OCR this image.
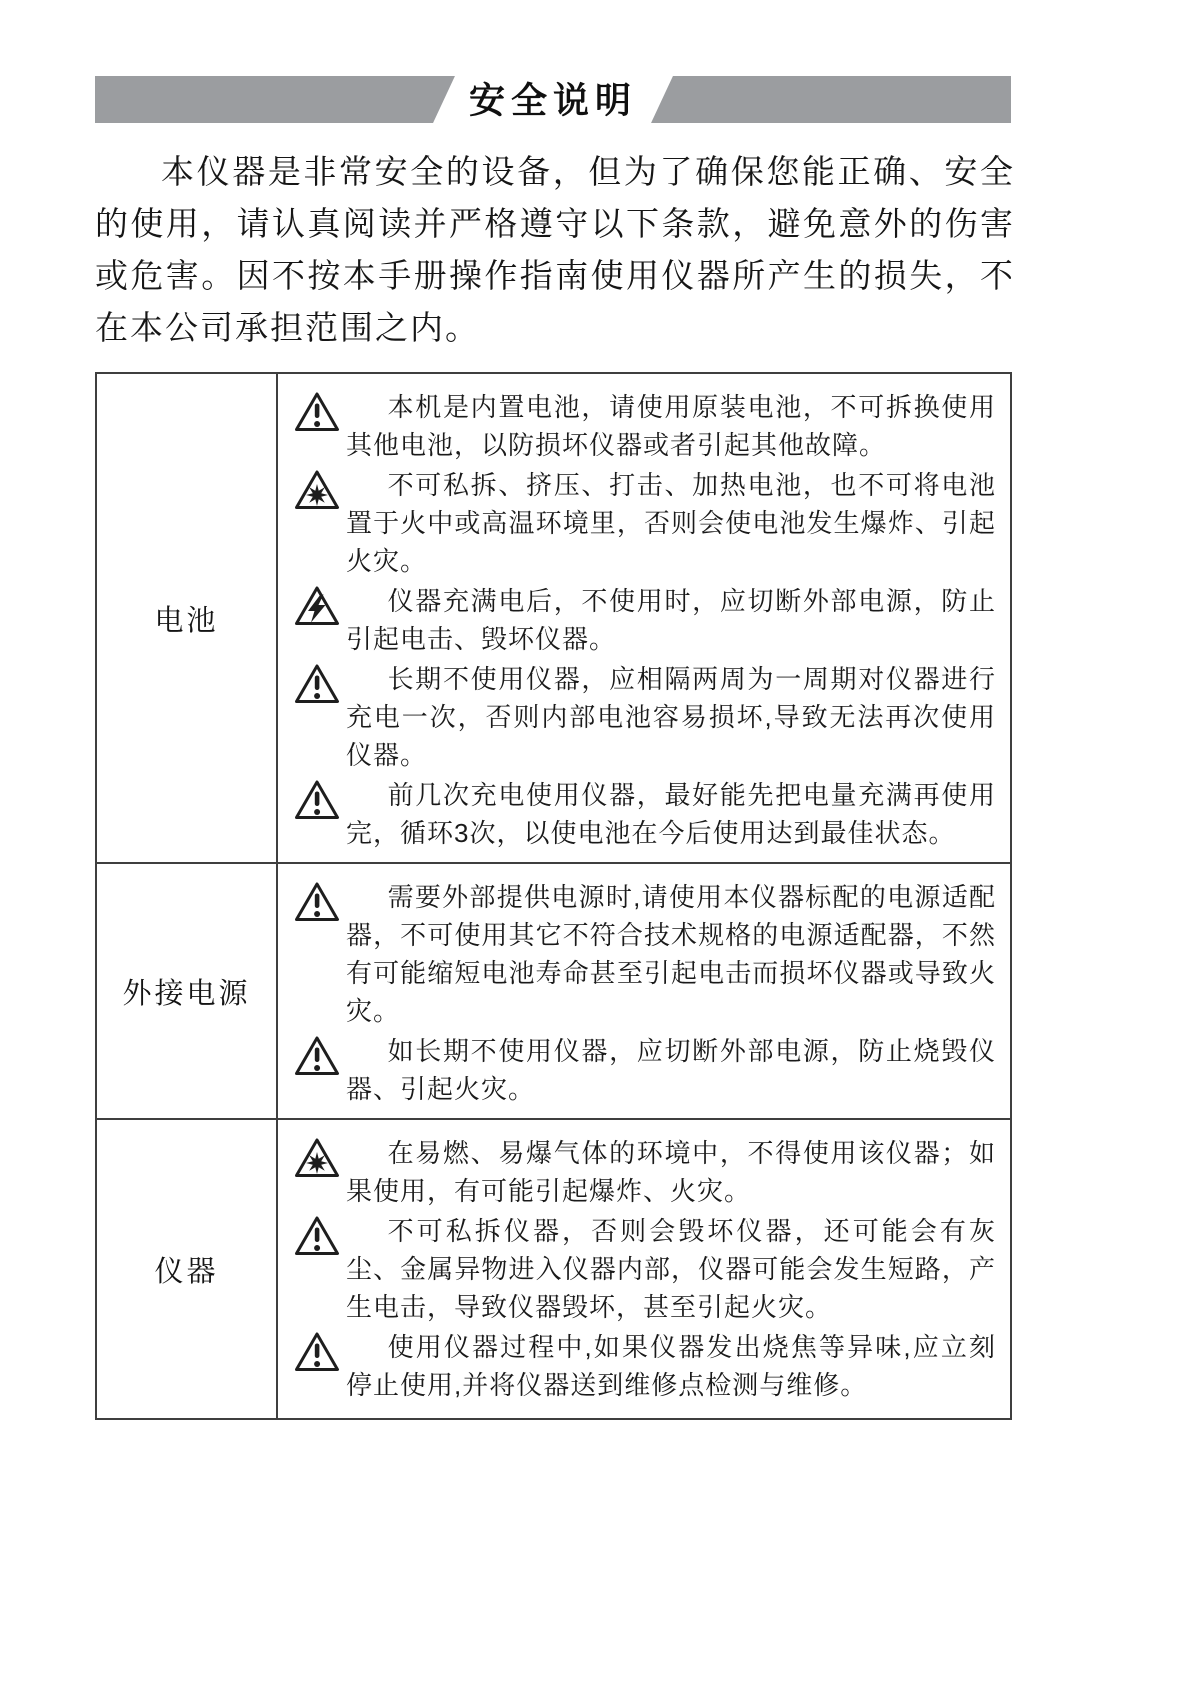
安全说明

本仪器是非常安全的设备，但为了确保您能正确、安全的使用，请认真阅读并严格遵守以下条款，避免意外的伤害或危害。因不按本手册操作指南使用仪器所产生的损失，不在本公司承担范围之内。

电池

本机是内置电池，请使用原装电池，不可拆换使用其他电池，以防损坏仪器或者引起其他故障。

不可私拆、挤压、打击、加热电池，也不可将电池置于火中或高温环境里，否则会使电池发生爆炸、引起火灾。

仪器充满电后，不使用时，应切断外部电源，防止引起电击、毁坏仪器。

长期不使用仪器，应相隔两周为一周期对仪器进行充电一次，否则内部电池容易损坏,导致无法再次使用仪器。

前几次充电使用仪器，最好能先把电量充满再使用完，循环3次，以使电池在今后使用达到最佳状态。

外接电源

需要外部提供电源时,请使用本仪器标配的电源适配器，不可使用其它不符合技术规格的电源适配器，不然有可能缩短电池寿命甚至引起电击而损坏仪器或导致火灾。

如长期不使用仪器，应切断外部电源，防止烧毁仪器、引起火灾。

仪器

在易燃、易爆气体的环境中，不得使用该仪器；如果使用，有可能引起爆炸、火灾。

不可私拆仪器，否则会毁坏仪器，还可能会有灰尘、金属异物进入仪器内部，仪器可能会发生短路，产生电击，导致仪器毁坏，甚至引起火灾。

使用仪器过程中,如果仪器发出烧焦等异味,应立刻停止使用,并将仪器送到维修点检测与维修。
